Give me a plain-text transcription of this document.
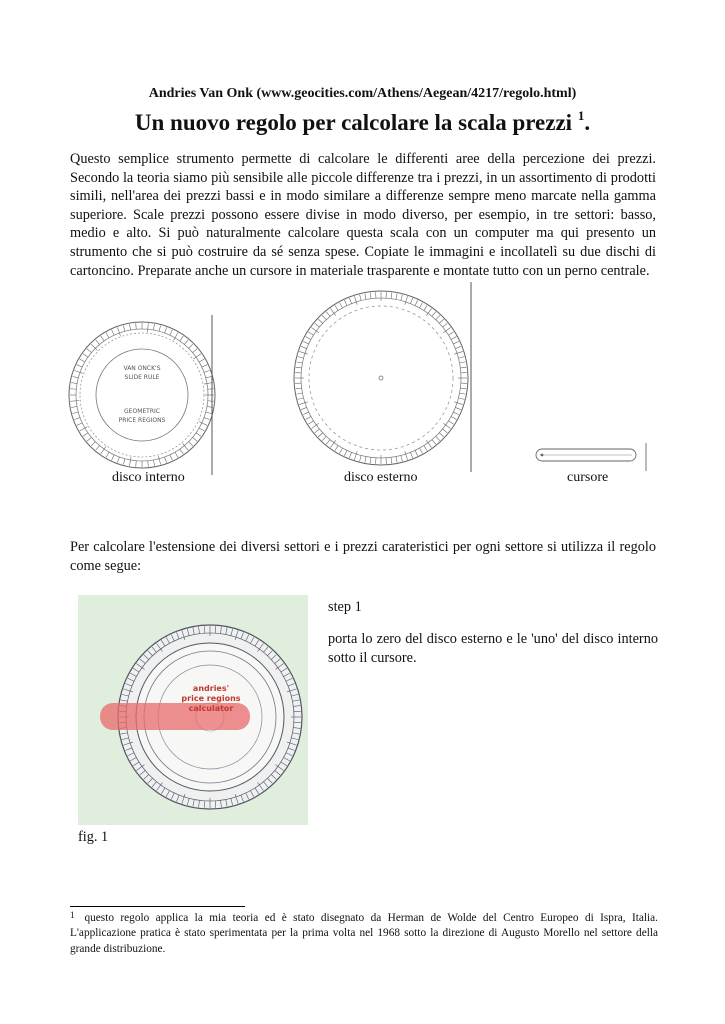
Andries Van Onk (www.geocities.com/Athens/Aegean/4217/regolo.html)
Un nuovo regolo per calcolare la scala prezzi $^1$.
Questo semplice strumento permette di calcolare le differenti aree della percezione dei prezzi. Secondo la teoria siamo più sensibile alle piccole differenze tra i prezzi, in un assortimento di prodotti simili, nell'area dei prezzi bassi e in modo similare a differenze sempre meno marcate nella gamma superiore. Scale prezzi possono essere divise in modo diverso, per esempio, in tre settori: basso, medio e alto. Si può naturalmente calcolare questa scala con un computer ma qui presento un strumento che si può costruire da sé senza spese. Copiate le immagini e incollatelì su due dischi di cartoncino. Preparate anche un cursore in materiale trasparente e montate tutto con un perno centrale.
VAN ONCK'S
SLIDE RULE
GEOMETRIC
PRICE REGIONS
disco interno	disco esterno	cursore
Per calcolare l'estensione dei diversi settori e i prezzi carateristici per ogni settore si utilizza il regolo come segue:
andries'
price regions
calculator
step 1
porta lo zero del disco esterno e le 'uno' del disco interno sotto il cursore.
fig. 1
$^1$ questo regolo applica la mia teoria ed è stato disegnato da Herman de Wolde del Centro Europeo di Ispra, Italia. L'applicazione pratica è stato sperimentata per la prima volta nel 1968 sotto la direzione di Augusto Morello nel settore della grande distribuzione.
